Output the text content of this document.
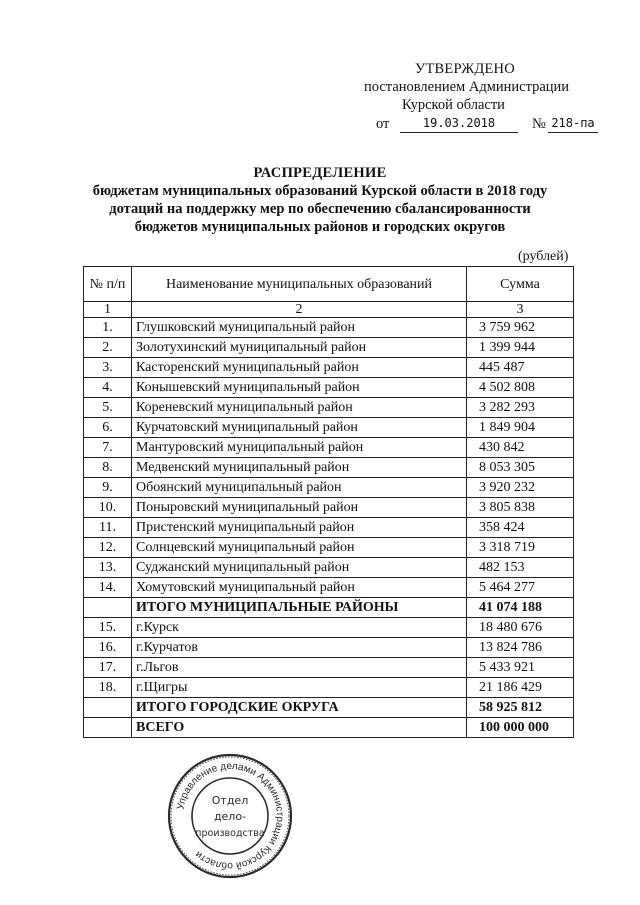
УТВЕРЖДЕНО
постановлением Администрации
Курской области
от	19.03.2018	№ 218-па
РАСПРЕДЕЛЕНИЕ
бюджетам муниципальных образований Курской области в 2018 году
дотаций на поддержку мер по обеспечению сбалансированности
бюджетов муниципальных районов и городских округов
(рублей)
№ п/п	Наименование муниципальных образований	Сумма
1	2	3
1.	Глушковский муниципальный район	3 759 962
2.	Золотухинский муниципальный район	1 399 944
3.	Касторенский муниципальный район	445 487
4.	Конышевский муниципальный район	4 502 808
5.	Кореневский муниципальный район	3 282 293
6.	Курчатовский муниципальный район	1 849 904
7.	Мантуровский муниципальный район	430 842
8.	Медвенский муниципальный район	8 053 305
9.	Обоянский муниципальный район	3 920 232
10.	Поныровский муниципальный район	3 805 838
11.	Пристенский муниципальный район	358 424
12.	Солнцевский муниципальный район	3 318 719
13.	Суджанский муниципальный район	482 153
14.	Хомутовский муниципальный район	5 464 277
	ИТОГО МУНИЦИПАЛЬНЫЕ РАЙОНЫ	41 074 188
15.	г.Курск	18 480 676
16.	г.Курчатов	13 824 786
17.	г.Льгов	5 433 921
18.	г.Щигры	21 186 429
	ИТОГО ГОРОДСКИЕ ОКРУГА	58 925 812
	ВСЕГО	100 000 000
Управление делами Администрации Курской области
Отдел
дело-
производства
